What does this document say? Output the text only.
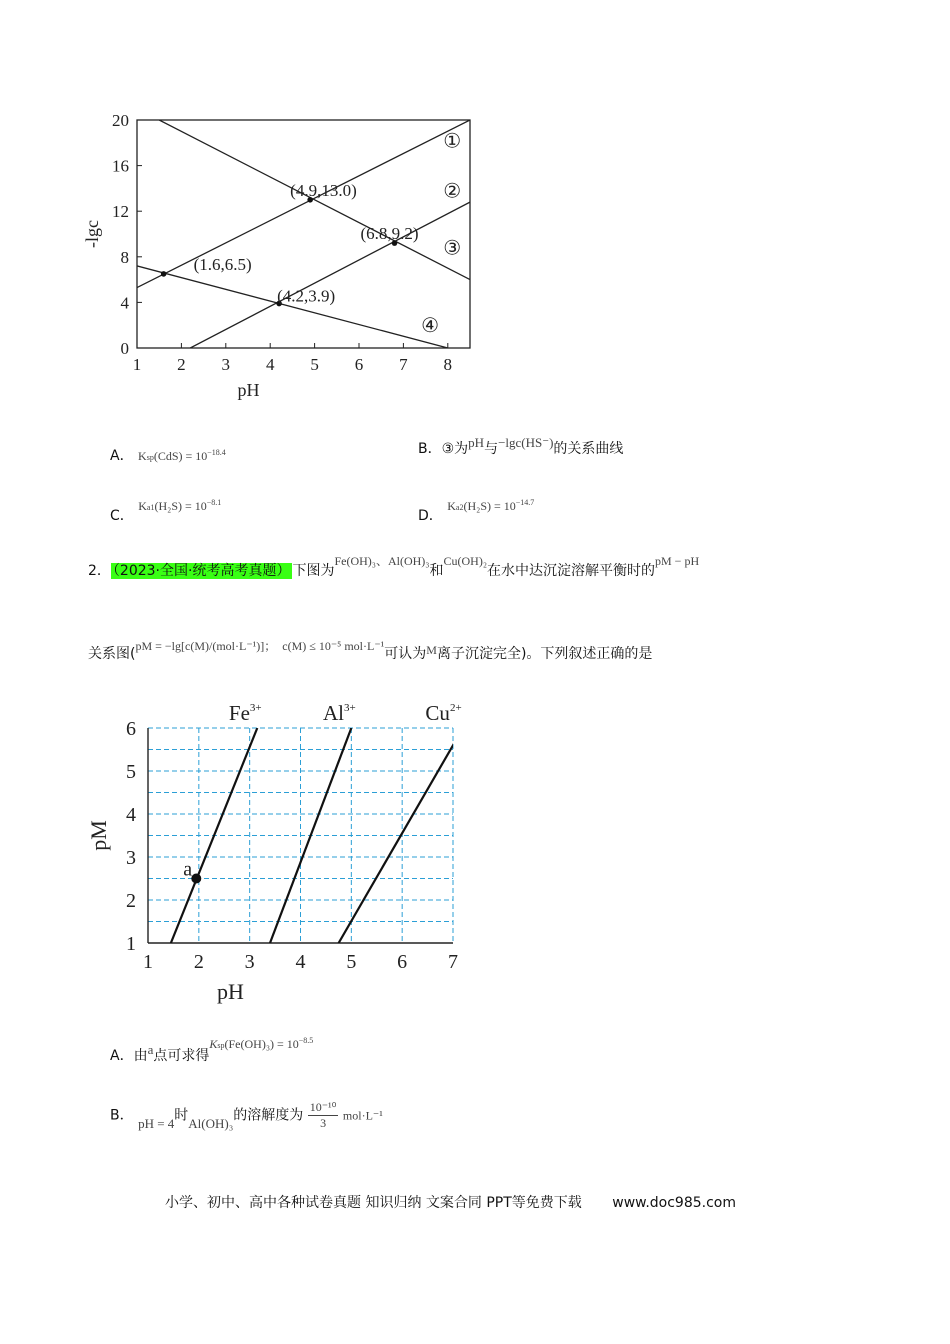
1 2 3 4 5 6 7 8
0
4
8
12
16
20
pH
-lgc
(1.6,6.5)
(4.2,3.9)
(4.9,13.0)
(6.8,9.2)
①
②
③
④
A． $Ksp(CdS) = 10^{-18.4}$	B．③为pH与−lgc(HS⁻)的关系曲线
C． $Ka1(H_2S) = 10^{-8.1}$
D． $Ka2(H_2S) = 10^{-14.7}$
2． （2023·全国·统考高考真题） 下图为$^{Fe(OH)_3、Al(OH)_3}$和$^{Cu(OH)_2}$在水中达沉淀溶解平衡时的$^{pM - pH}$
关系图($^{pM = -lg[c(M)/(mol\cdot L^{-1})];}$ $^{c(M) \le 10^{-5} mol\cdot L^{-1}}$可认为$^M$离子沉淀完全)。下列叙述正确的是
1 2 3 4 5 6 7
1
2
3
4
5
6
pH
pM
$Fe^{3+}$	$Al^{3+}$	$Cu^{2+}$
a
A．由a点可求得$Ksp(Fe(OH)_3) = 10^{-8.5}$
B． pH = 4时Al(OH)₃的溶解度为 $\frac{\text{10⁻¹⁰}}{3} mol\cdot L^{-1}$
小学、初中、高中各种试卷真题 知识归纳 文案合同 PPT等免费下载 www.doc985.com
